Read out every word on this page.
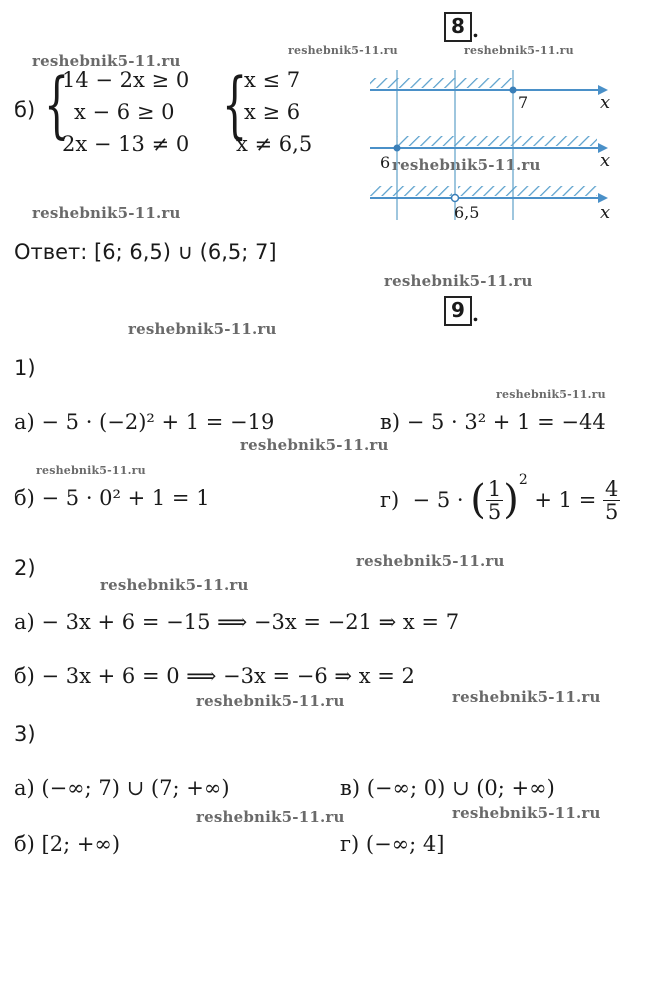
reshebnik5-11.ru
reshebnik5-11.ru	reshebnik5-11.ru
reshebnik5-11.ru
reshebnik5-11.ru
reshebnik5-11.ru
reshebnik5-11.ru
reshebnik5-11.ru
reshebnik5-11.ru
reshebnik5-11.ru
reshebnik5-11.ru
reshebnik5-11.ru
reshebnik5-11.ru	reshebnik5-11.ru
reshebnik5-11.ru
reshebnik5-11.ru
8 .
б) {
14 − 2x ≥ 0
x − 6 ≥ 0
2x − 13 ≠ 0 {
x ≤ 7
x ≥ 6
x ≠ 6,5
7	x
6	x
6,5	x
Ответ: [6; 6,5) ∪ (6,5; 7]
9 .
1)
а) − 5 · (−2)² + 1 = −19	в) − 5 · 3² + 1 = −44
б) − 5 · 0² + 1 = 1	г)  − 5 · ( $\frac{1}{5}$ ) 2
+ $1 = \frac{4}{5}$
2)
а) − 3x + 6 = −15 ⟹ −3x = −21 ⇒ x = 7
б) − 3x + 6 = 0 ⟹ −3x = −6 ⇒ x = 2
3)
а) (−∞; 7) ∪ (7; +∞)	в) (−∞; 0) ∪ (0; +∞)
б) [2; +∞)	г) (−∞; 4]
